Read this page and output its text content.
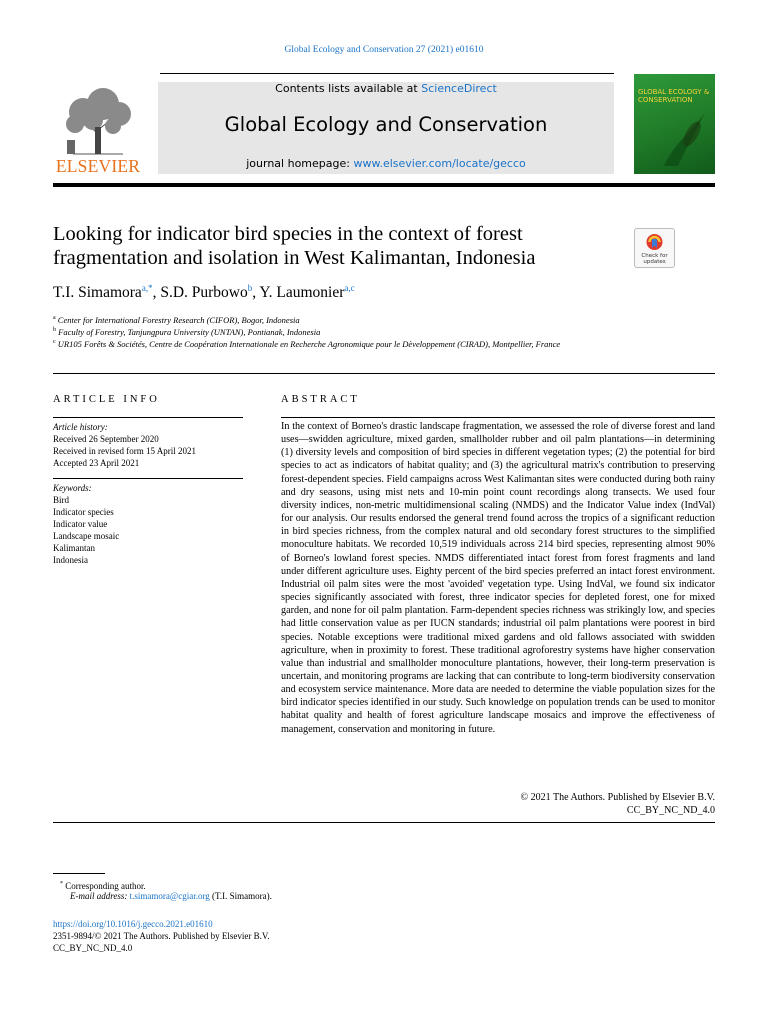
Global Ecology and Conservation 27 (2021) e01610
ELSEVIER
Contents lists available at ScienceDirect
Global Ecology and Conservation
journal homepage: www.elsevier.com/locate/gecco
GLOBAL ECOLOGY & CONSERVATION
Looking for indicator bird species in the context of forest fragmentation and isolation in West Kalimantan, Indonesia	Check for updates
T.I. Simamora$^{a,*}$, S.D. Purbowo$^b$, Y. Laumonier$^{a,c}$
$^a$ Center for International Forestry Research (CIFOR), Bogor, Indonesia
$^b$ Faculty of Forestry, Tanjungpura University (UNTAN), Pontianak, Indonesia
$^c$ UR105 Forêts & Sociétés, Centre de Coopération Internationale en Recherche Agronomique pour le Dèveloppement (CIRAD), Montpellier, France
ARTICLE INFO
Article history:
Received 26 September 2020
Received in revised form 15 April 2021
Accepted 23 April 2021
Keywords:
Bird
Indicator species
Indicator value
Landscape mosaic
Kalimantan
Indonesia
ABSTRACT
In the context of Borneo's drastic landscape fragmentation, we assessed the role of diverse forest and land uses—swidden agriculture, mixed garden, smallholder rubber and oil palm plantations—in determining (1) diversity levels and composition of bird species in different vegetation types; (2) the potential for bird species to act as indicators of habitat quality; and (3) the agricultural matrix's contribution to preserving forest-dependent species. Field campaigns across West Kalimantan sites were conducted during both rainy and dry seasons, using mist nets and 10-min point count recordings along transects. We used four diversity indices, non-metric multidimensional scaling (NMDS) and the Indicator Value index (IndVal) for our analysis. Our results endorsed the general trend found across the tropics of a significant reduction in bird species richness, from the complex natural and old secondary forest structures to the simplified monoculture habitats. We recorded 10,519 individuals across 214 bird species, representing almost 90% of Borneo's lowland forest species. NMDS differentiated intact forest from forest fragments and land under different agriculture uses. Eighty percent of the bird species preferred an intact forest environment. Industrial oil palm sites were the most 'avoided' vegetation type. Using IndVal, we found six indicator species significantly associated with forest, three indicator species for depleted forest, one for mixed garden, and none for oil palm plantation. Farm-dependent species richness was strikingly low, and species had little conservation value as per IUCN standards; industrial oil palm plantations were poorest in bird species. Notable exceptions were traditional mixed gardens and old fallows associated with swidden agriculture, when in proximity to forest. These traditional agroforestry systems have higher conservation value than industrial and smallholder monoculture plantations, however, their long-term preservation is uncertain, and monitoring programs are lacking that can contribute to long-term biodiversity conservation and ecosystem service maintenance. More data are needed to determine the viable population sizes for the bird indicator species identified in our study. Such knowledge on population trends can be used to monitor habitat quality and health of forest agriculture landscape mosaics and improve the effectiveness of management, conservation and monitoring in future.
© 2021 The Authors. Published by Elsevier B.V.
CC_BY_NC_ND_4.0
* Corresponding author.
E-mail address: t.simamora@cgiar.org (T.I. Simamora).
https://doi.org/10.1016/j.gecco.2021.e01610
2351-9894/© 2021 The Authors. Published by Elsevier B.V.
CC_BY_NC_ND_4.0
